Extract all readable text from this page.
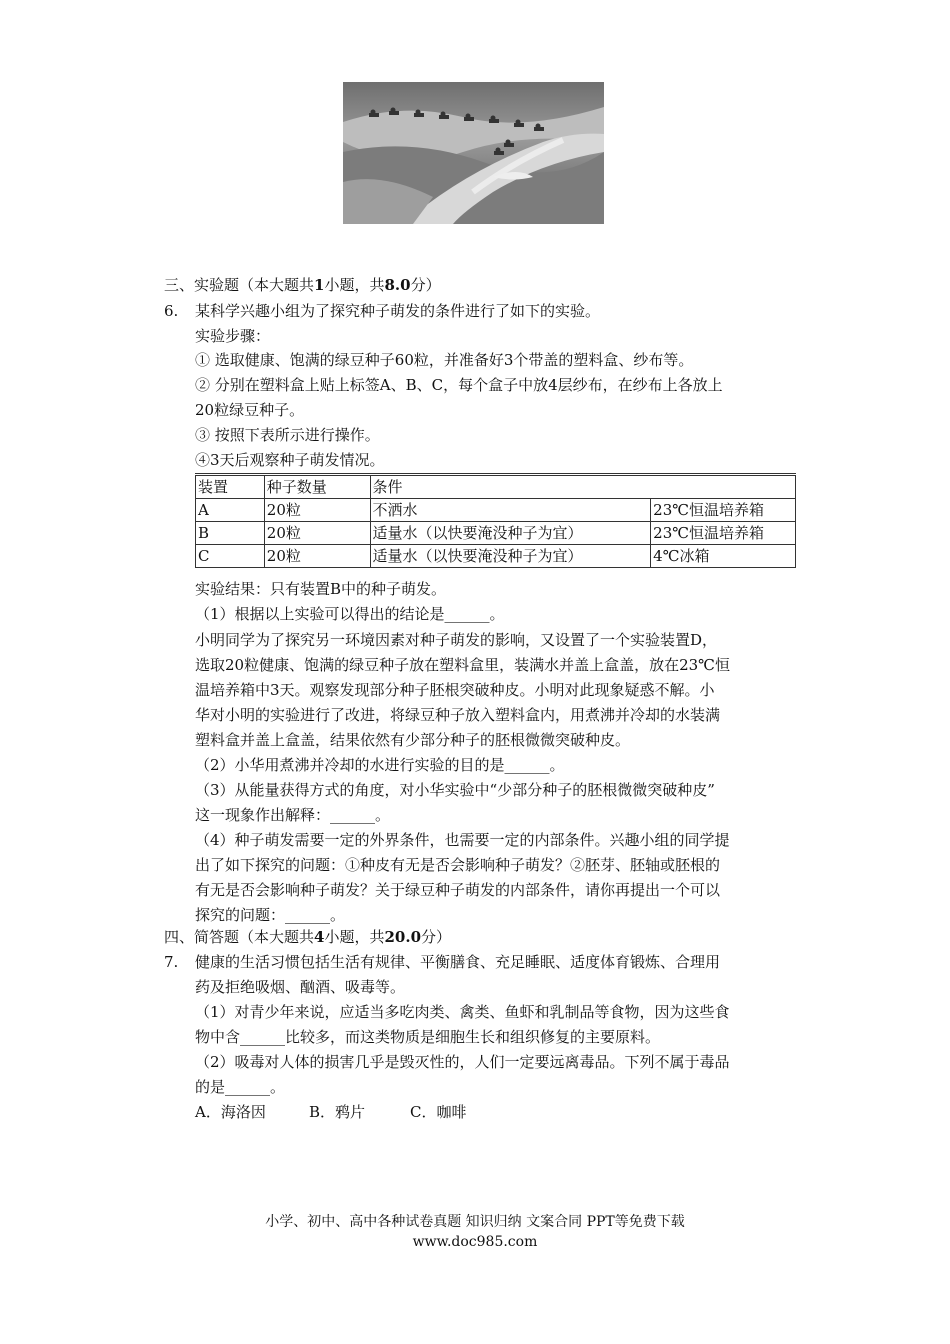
三、实验题（本大题共1小题，共8.0分）
6. 某科学兴趣小组为了探究种子萌发的条件进行了如下的实验。
实验步骤：
① 选取健康、饱满的绿豆种子60粒，并准备好3个带盖的塑料盒、纱布等。
② 分别在塑料盒上贴上标签A、B、C，每个盒子中放4层纱布，在纱布上各放上
20粒绿豆种子。
③ 按照下表所示进行操作。
④3天后观察种子萌发情况。
装置	种子数量	条件	
A	20粒	不洒水	23℃恒温培养箱
B	20粒	适量水（以快要淹没种子为宜）	23℃恒温培养箱
C	20粒	适量水（以快要淹没种子为宜）	4℃冰箱
实验结果：只有装置B中的种子萌发。
（1）根据以上实验可以得出的结论是______。
小明同学为了探究另一环境因素对种子萌发的影响，又设置了一个实验装置D，
选取20粒健康、饱满的绿豆种子放在塑料盒里，装满水并盖上盒盖，放在23℃恒
温培养箱中3天。观察发现部分种子胚根突破种皮。小明对此现象疑惑不解。小
华对小明的实验进行了改进，将绿豆种子放入塑料盒内，用煮沸并冷却的水装满
塑料盒并盖上盒盖，结果依然有少部分种子的胚根微微突破种皮。
（2）小华用煮沸并冷却的水进行实验的目的是______。
（3）从能量获得方式的角度，对小华实验中“少部分种子的胚根微微突破种皮”
这一现象作出解释：______。
（4）种子萌发需要一定的外界条件，也需要一定的内部条件。兴趣小组的同学提
出了如下探究的问题：①种皮有无是否会影响种子萌发？②胚芽、胚轴或胚根的
有无是否会影响种子萌发？关于绿豆种子萌发的内部条件，请你再提出一个可以
探究的问题：______。
四、简答题（本大题共4小题，共20.0分）
7. 健康的生活习惯包括生活有规律、平衡膳食、充足睡眠、适度体育锻炼、合理用
药及拒绝吸烟、酗酒、吸毒等。
（1）对青少年来说，应适当多吃肉类、禽类、鱼虾和乳制品等食物，因为这些食
物中含______比较多，而这类物质是细胞生长和组织修复的主要原料。
（2）吸毒对人体的损害几乎是毁灭性的，人们一定要远离毒品。下列不属于毒品
的是______。
A．海洛因	B．鸦片	C．咖啡
小学、初中、高中各种试卷真题 知识归纳 文案合同 PPT等免费下载
www.doc985.com
